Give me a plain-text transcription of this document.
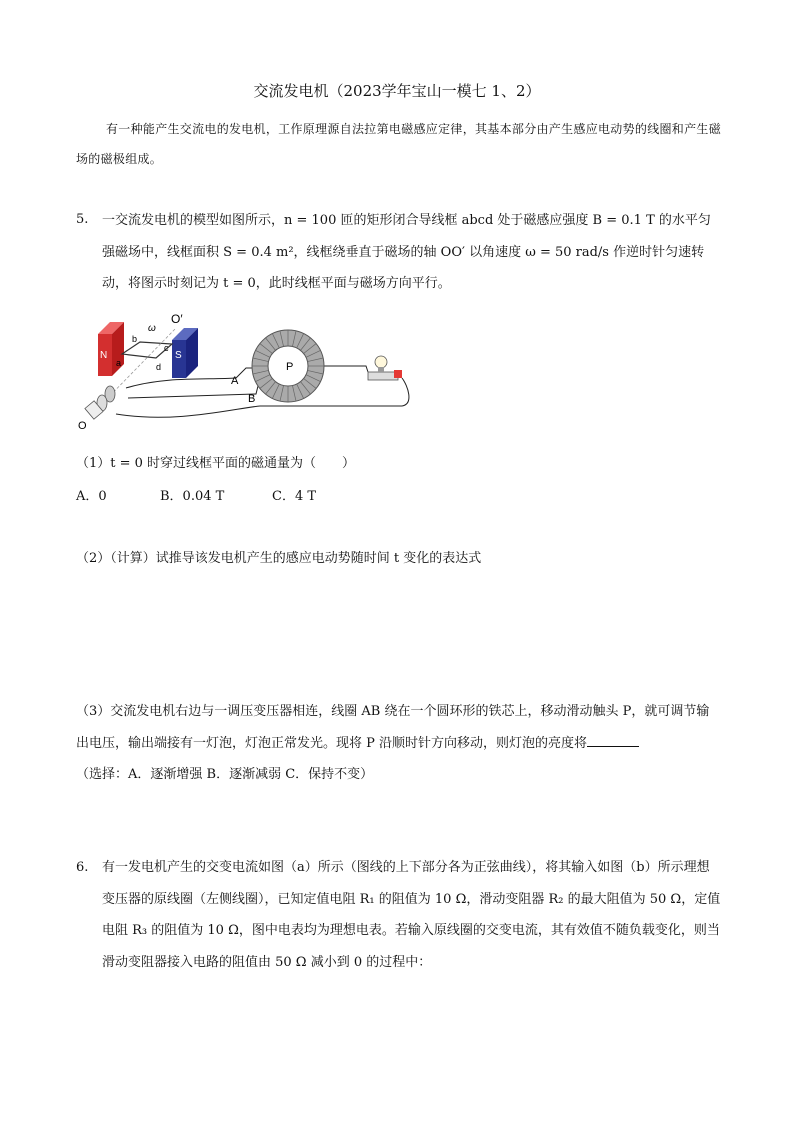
交流发电机（2023学年宝山一模七 1、2）
有一种能产生交流电的发电机，工作原理源自法拉第电磁感应定律，其基本部分由产生感应电动势的线圈和产生磁场的磁极组成。
5. 一交流发电机的模型如图所示，n = 100 匝的矩形闭合导线框 abcd 处于磁感应强度 B = 0.1 T 的水平匀强磁场中，线框面积 S = 0.4 m²，线框绕垂直于磁场的轴 OO′ 以角速度 ω = 50 rad/s 作逆时针匀速转动，将图示时刻记为 t = 0，此时线框平面与磁场方向平行。
O′
ω
N	S
a
b
c
d
A
B
P
O
（1）t = 0 时穿过线框平面的磁通量为（　　）
A．0	B．0.04 T	C．4 T
（2）（计算）试推导该发电机产生的感应电动势随时间 t 变化的表达式
（3）交流发电机右边与一调压变压器相连，线圈 AB 绕在一个圆环形的铁芯上，移动滑动触头 P，就可调节输出电压，输出端接有一灯泡，灯泡正常发光。现将 P 沿顺时针方向移动，则灯泡的亮度将
（选择：A．逐渐增强 B．逐渐减弱 C．保持不变）
6. 有一发电机产生的交变电流如图（a）所示（图线的上下部分各为正弦曲线），将其输入如图（b）所示理想变压器的原线圈（左侧线圈），已知定值电阻 R₁ 的阻值为 10 Ω，滑动变阻器 R₂ 的最大阻值为 50 Ω，定值电阻 R₃ 的阻值为 10 Ω，图中电表均为理想电表。若输入原线圈的交变电流，其有效值不随负载变化，则当滑动变阻器接入电路的阻值由 50 Ω 减小到 0 的过程中：
